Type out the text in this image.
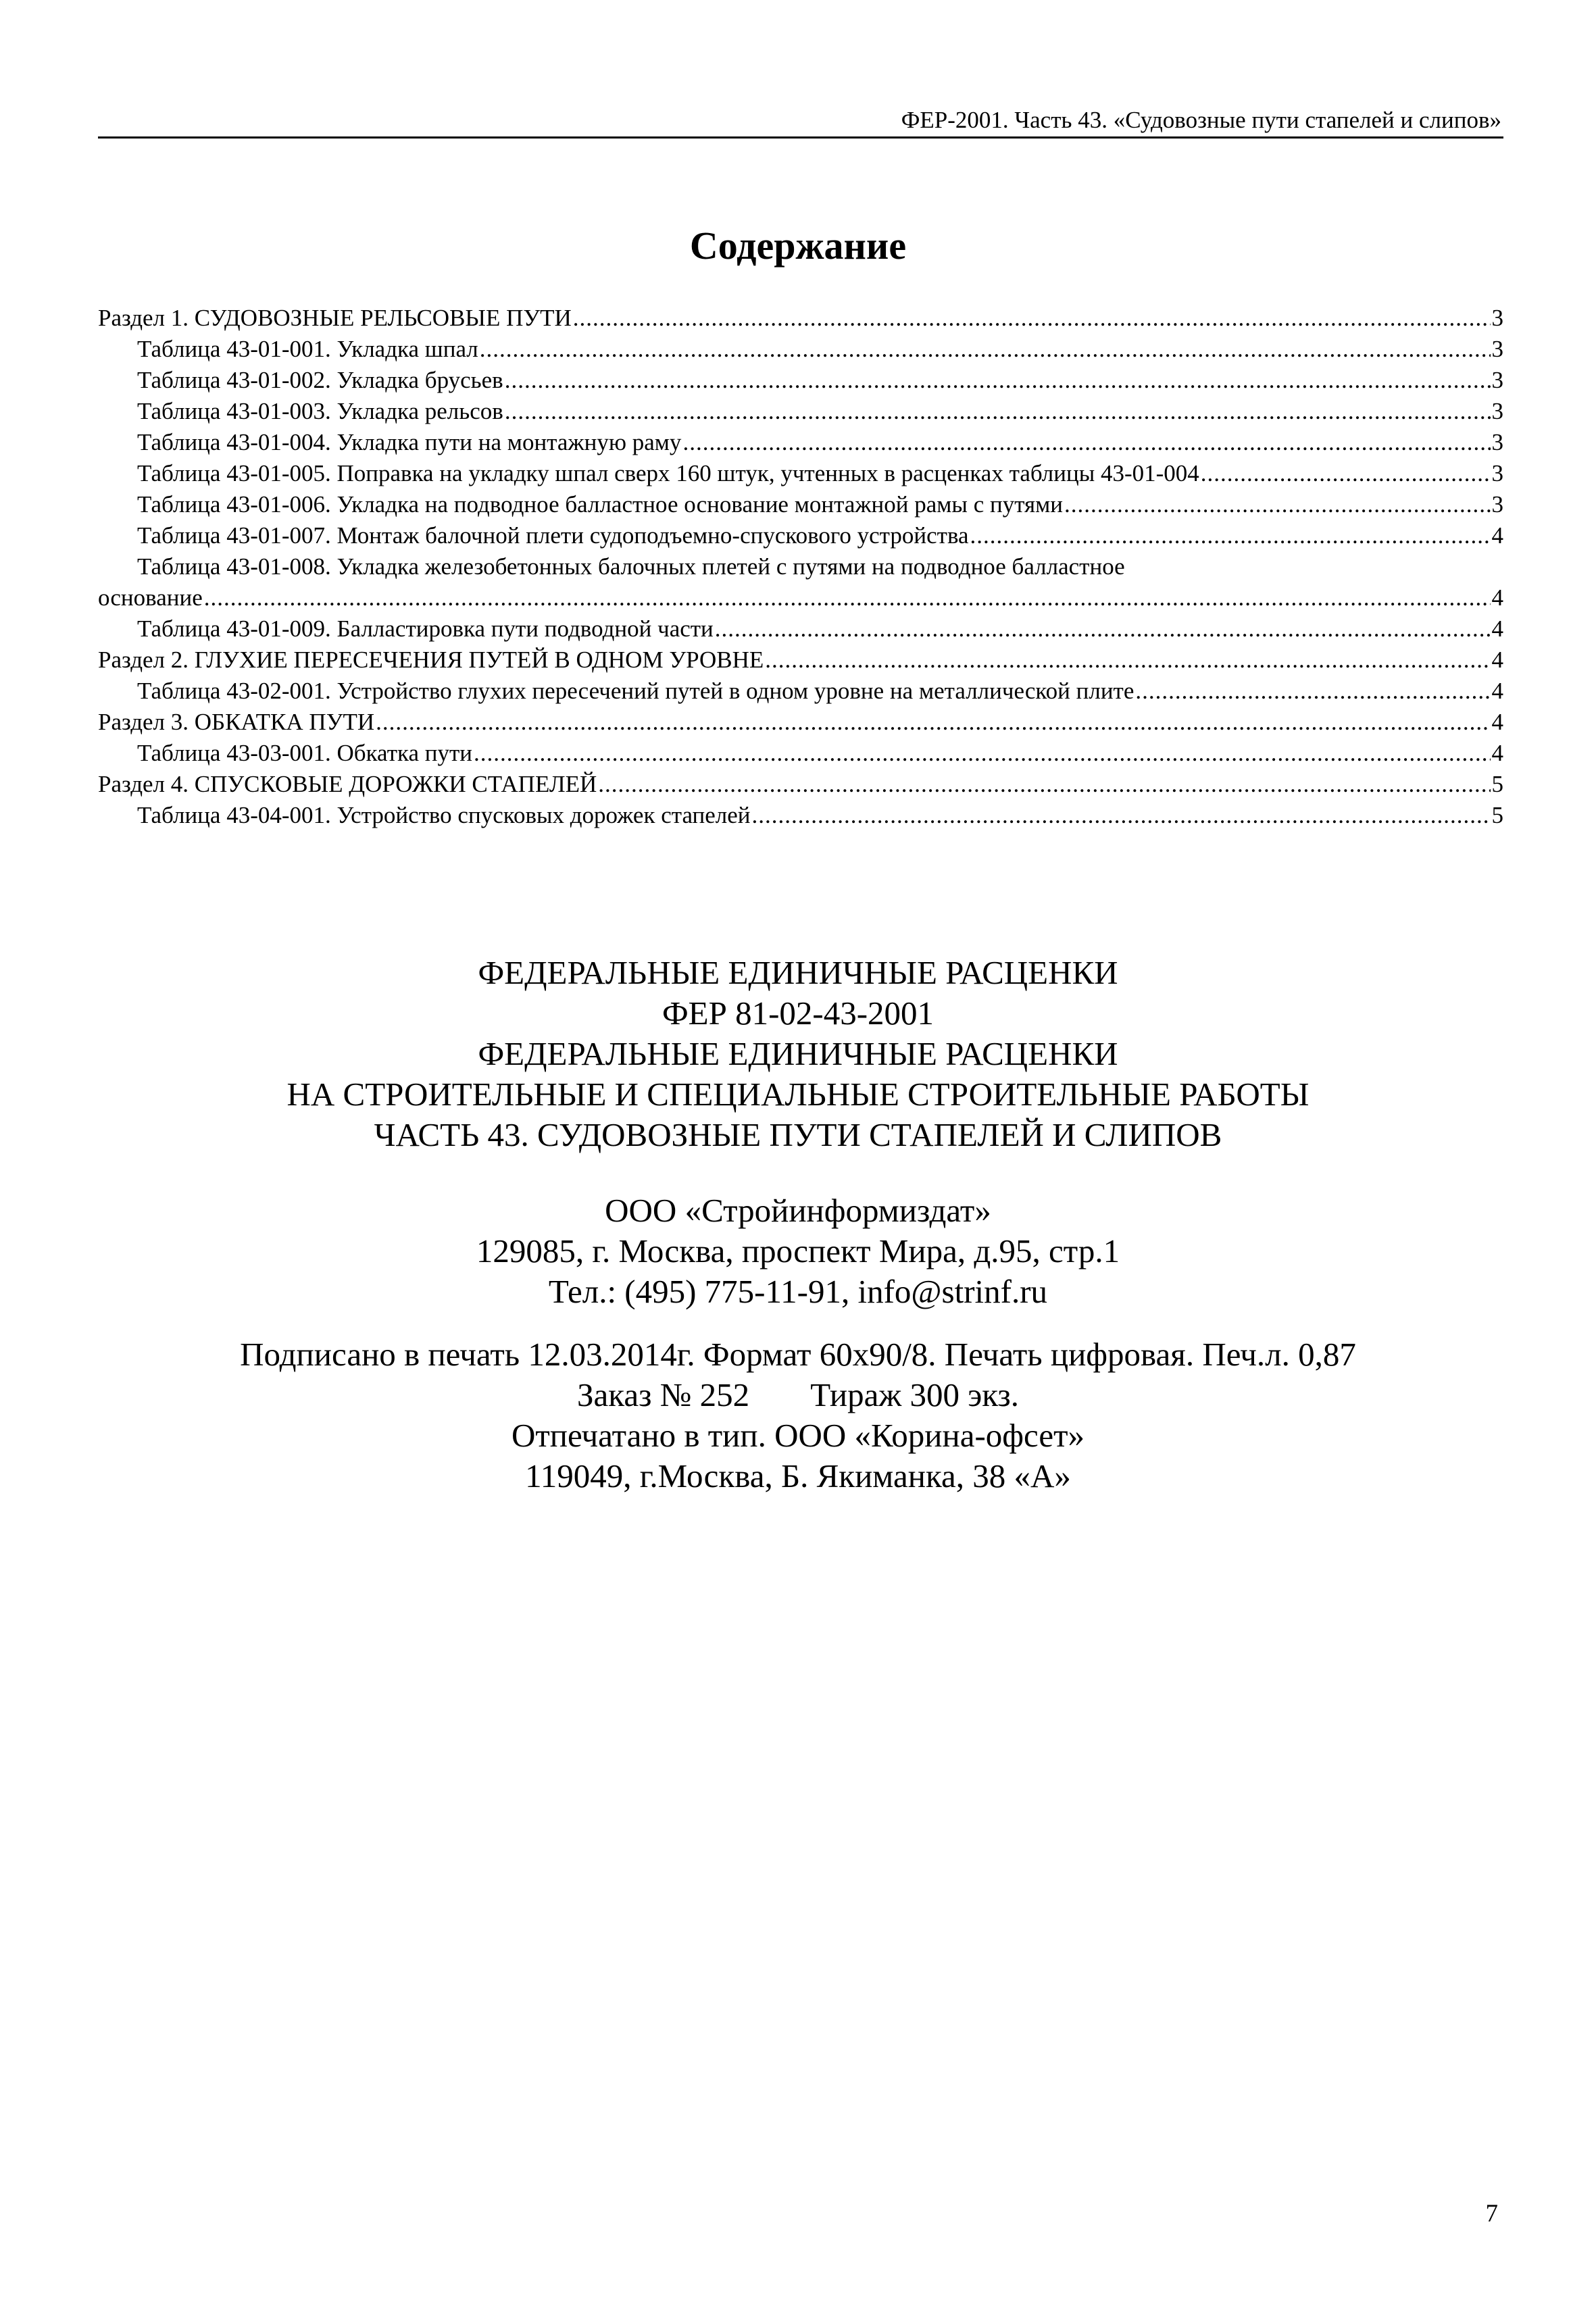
ФЕР-2001. Часть 43. «Судовозные пути стапелей и слипов»
Содержание
Раздел 1. СУДОВОЗНЫЕ РЕЛЬСОВЫЕ ПУТИ .....	3
Таблица 43-01-001. Укладка шпал .....	3
Таблица 43-01-002. Укладка брусьев .....	3
Таблица 43-01-003. Укладка рельсов .....	3
Таблица 43-01-004. Укладка пути на монтажную раму .....	3
Таблица 43-01-005. Поправка на укладку шпал сверх 160 штук, учтенных в расценках таблицы 43-01-004 .....	3
Таблица 43-01-006. Укладка на подводное балластное основание монтажной рамы с путями .....	3
Таблица 43-01-007. Монтаж балочной плети судоподъемно-спускового устройства .....	4
Таблица 43-01-008. Укладка железобетонных балочных плетей с путями на подводное балластное
основание .....	4
Таблица 43-01-009. Балластировка пути подводной части .....	4
Раздел 2. ГЛУХИЕ ПЕРЕСЕЧЕНИЯ ПУТЕЙ В ОДНОМ УРОВНЕ .....	4
Таблица 43-02-001. Устройство глухих пересечений путей в одном уровне на металлической плите .....	4
Раздел 3. ОБКАТКА ПУТИ .....	4
Таблица 43-03-001. Обкатка пути .....	4
Раздел 4. СПУСКОВЫЕ ДОРОЖКИ СТАПЕЛЕЙ .....	5
Таблица 43-04-001. Устройство спусковых дорожек стапелей .....	5
ФЕДЕРАЛЬНЫЕ ЕДИНИЧНЫЕ РАСЦЕНКИ
ФЕР 81-02-43-2001
ФЕДЕРАЛЬНЫЕ ЕДИНИЧНЫЕ РАСЦЕНКИ
НА СТРОИТЕЛЬНЫЕ И СПЕЦИАЛЬНЫЕ СТРОИТЕЛЬНЫЕ РАБОТЫ
ЧАСТЬ 43. СУДОВОЗНЫЕ ПУТИ СТАПЕЛЕЙ И СЛИПОВ
ООО «Стройинформиздат»
129085, г. Москва, проспект Мира, д.95, стр.1
Тел.: (495) 775-11-91, info@strinf.ru
Подписано в печать 12.03.2014г. Формат 60х90/8. Печать цифровая. Печ.л. 0,87
Заказ № 252 Тираж 300 экз.
Отпечатано в тип. ООО «Корина-офсет»
119049, г.Москва, Б. Якиманка, 38 «А»
7
